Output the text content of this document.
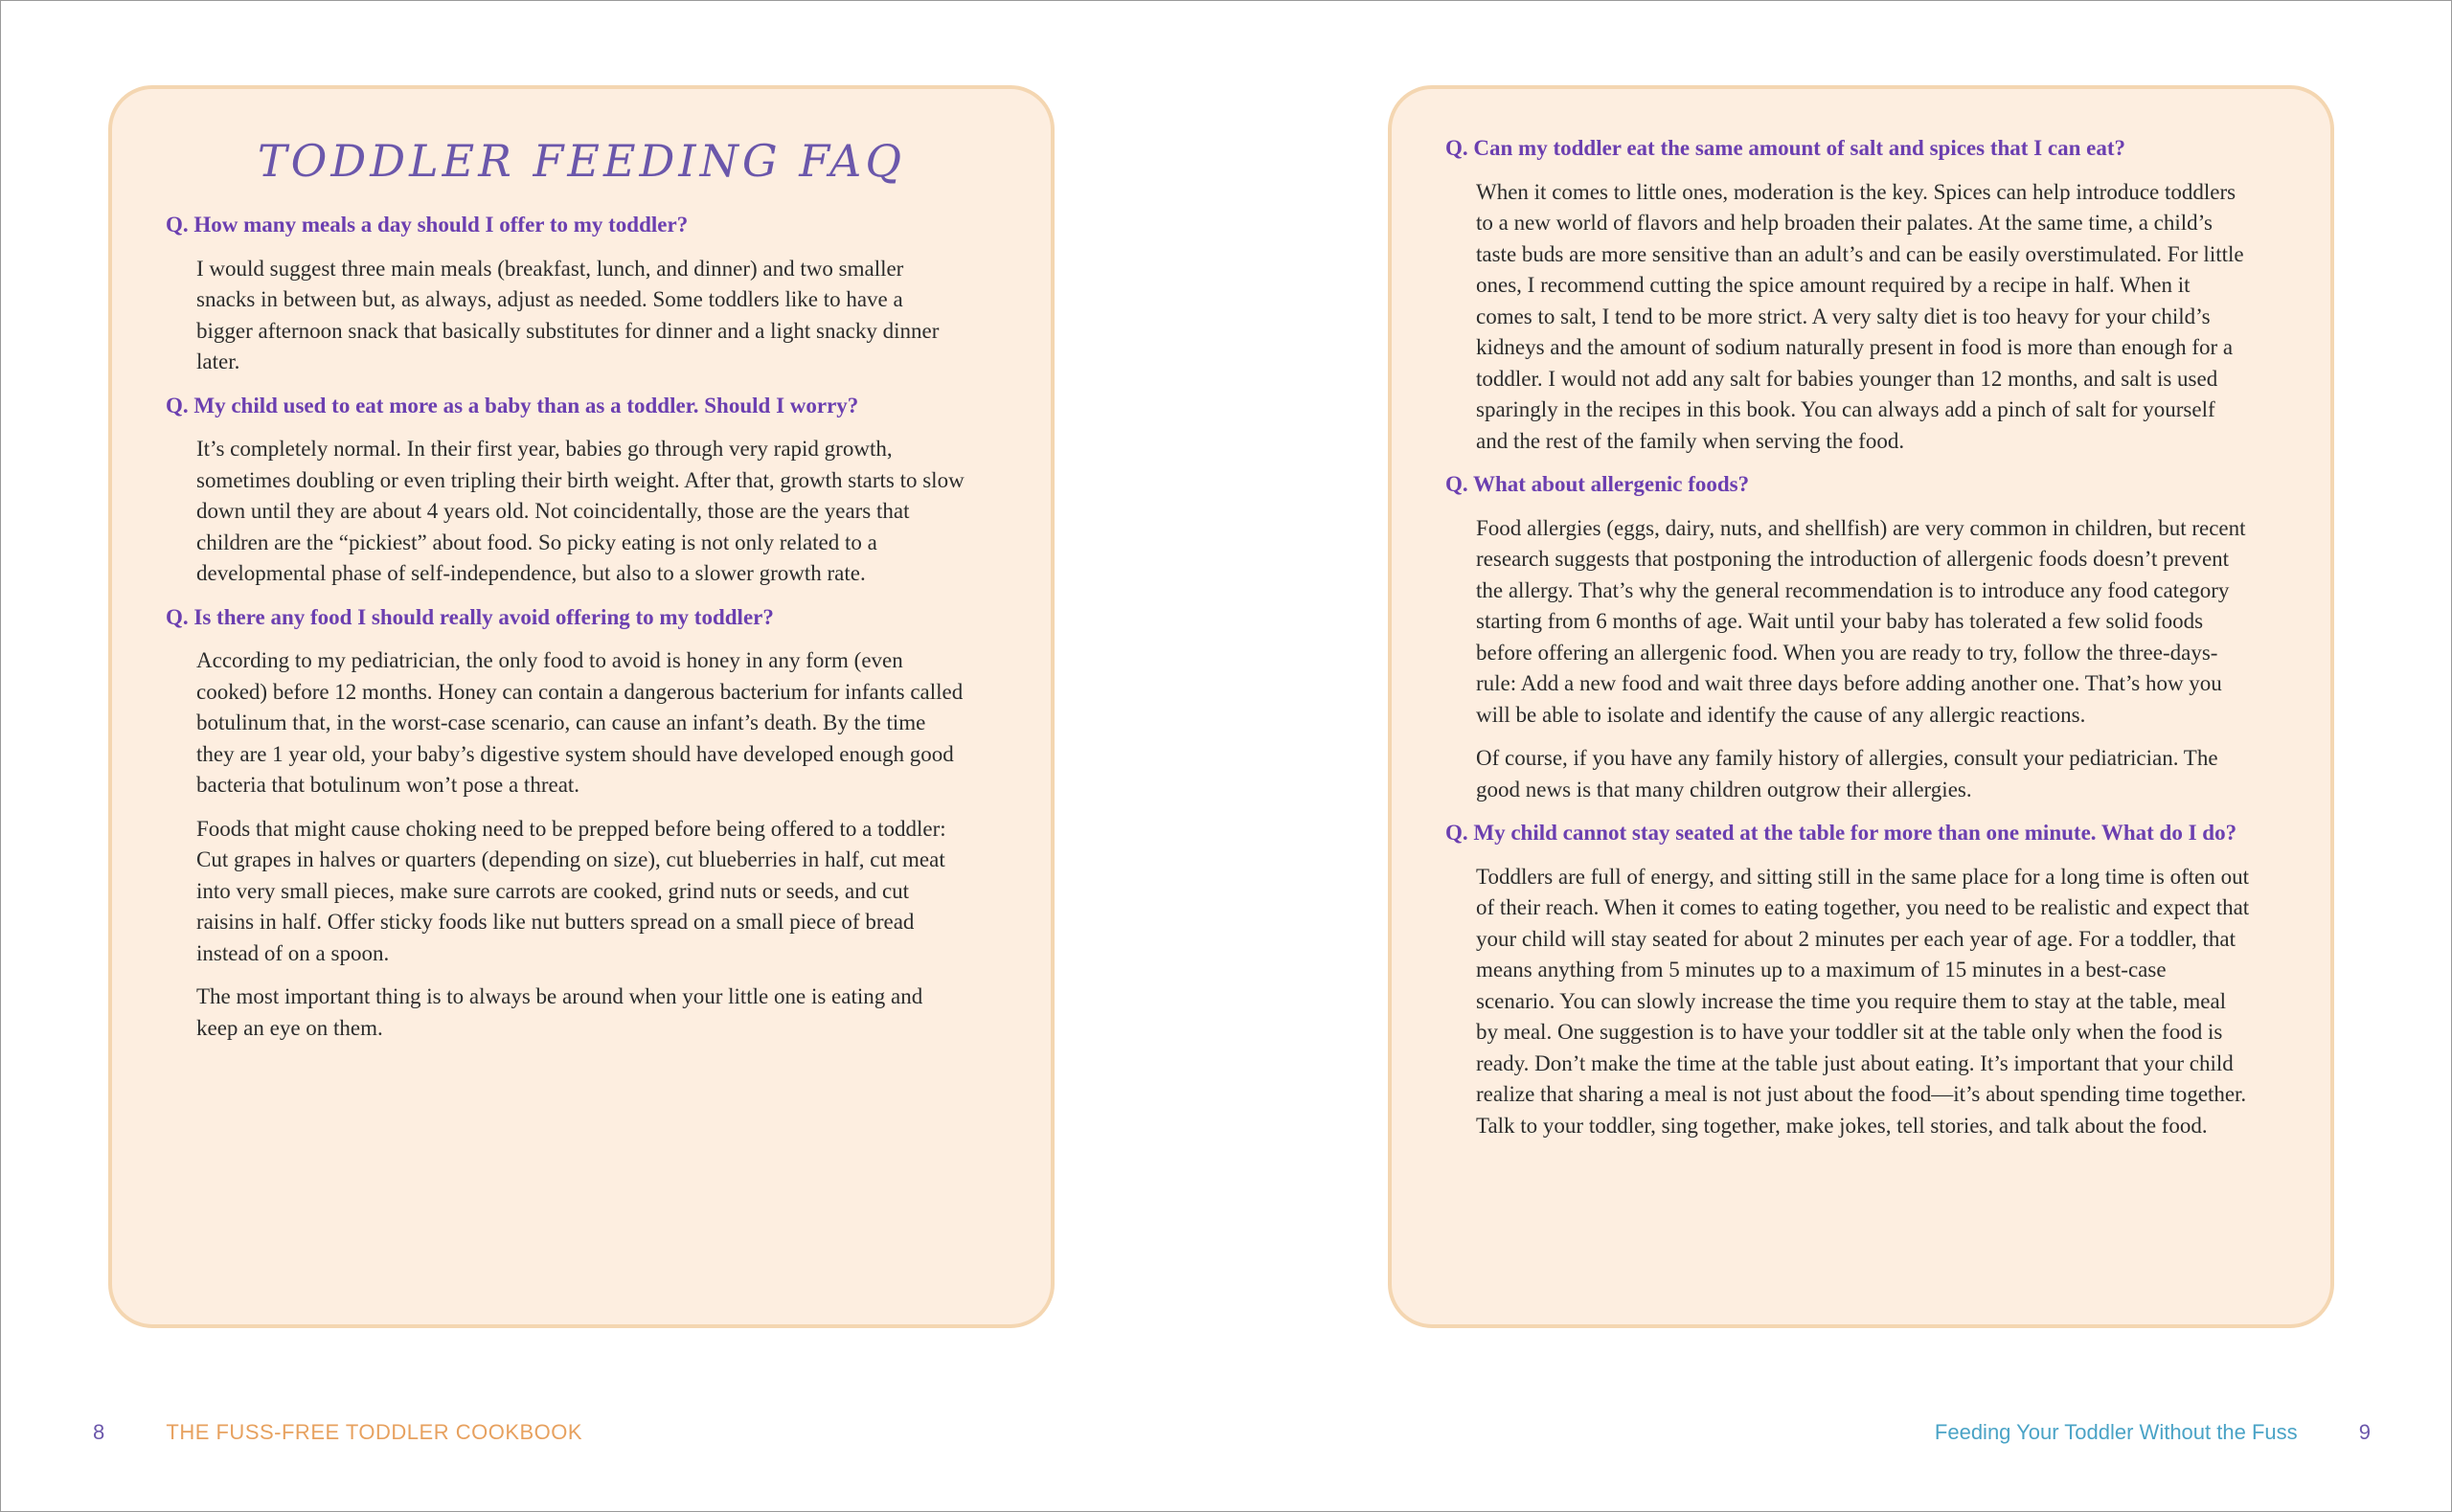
TODDLER FEEDING FAQ
Q. How many meals a day should I offer to my toddler?
I would suggest three main meals (breakfast, lunch, and dinner) and two smaller snacks in between but, as always, adjust as needed. Some toddlers like to have a bigger afternoon snack that basically substitutes for dinner and a light snacky dinner later.
Q. My child used to eat more as a baby than as a toddler. Should I worry?
It’s completely normal. In their first year, babies go through very rapid growth, sometimes doubling or even tripling their birth weight. After that, growth starts to slow down until they are about 4 years old. Not coincidentally, those are the years that children are the “pickiest” about food. So picky eating is not only related to a developmental phase of self-independence, but also to a slower growth rate.
Q. Is there any food I should really avoid offering to my toddler?
According to my pediatrician, the only food to avoid is honey in any form (even cooked) before 12 months. Honey can contain a dangerous bacterium for infants called botulinum that, in the worst-case scenario, can cause an infant’s death. By the time they are 1 year old, your baby’s digestive system should have developed enough good bacteria that botulinum won’t pose a threat.
Foods that might cause choking need to be prepped before being offered to a toddler: Cut grapes in halves or quarters (depending on size), cut blueberries in half, cut meat into very small pieces, make sure carrots are cooked, grind nuts or seeds, and cut raisins in half. Offer sticky foods like nut butters spread on a small piece of bread instead of on a spoon.
The most important thing is to always be around when your little one is eating and keep an eye on them.
Q. Can my toddler eat the same amount of salt and spices that I can eat?
When it comes to little ones, moderation is the key. Spices can help introduce toddlers to a new world of flavors and help broaden their palates. At the same time, a child’s taste buds are more sensitive than an adult’s and can be easily overstimulated. For little ones, I recommend cutting the spice amount required by a recipe in half. When it comes to salt, I tend to be more strict. A very salty diet is too heavy for your child’s kidneys and the amount of sodium naturally present in food is more than enough for a toddler. I would not add any salt for babies younger than 12 months, and salt is used sparingly in the recipes in this book. You can always add a pinch of salt for yourself and the rest of the family when serving the food.
Q. What about allergenic foods?
Food allergies (eggs, dairy, nuts, and shellfish) are very common in children, but recent research suggests that postponing the introduction of allergenic foods doesn’t prevent the allergy. That’s why the general recommendation is to introduce any food category starting from 6 months of age. Wait until your baby has tolerated a few solid foods before offering an allergenic food. When you are ready to try, follow the three-days-rule: Add a new food and wait three days before adding another one. That’s how you will be able to isolate and identify the cause of any allergic reactions.
Of course, if you have any family history of allergies, consult your pediatrician. The good news is that many children outgrow their allergies.
Q. My child cannot stay seated at the table for more than one minute. What do I do?
Toddlers are full of energy, and sitting still in the same place for a long time is often out of their reach. When it comes to eating together, you need to be realistic and expect that your child will stay seated for about 2 minutes per each year of age. For a toddler, that means anything from 5 minutes up to a maximum of 15 minutes in a best-case scenario. You can slowly increase the time you require them to stay at the table, meal by meal. One suggestion is to have your toddler sit at the table only when the food is ready. Don’t make the time at the table just about eating. It’s important that your child realize that sharing a meal is not just about the food—it’s about spending time together. Talk to your toddler, sing together, make jokes, tell stories, and talk about the food.
8	THE FUSS-FREE TODDLER COOKBOOK	Feeding Your Toddler Without the Fuss	9
